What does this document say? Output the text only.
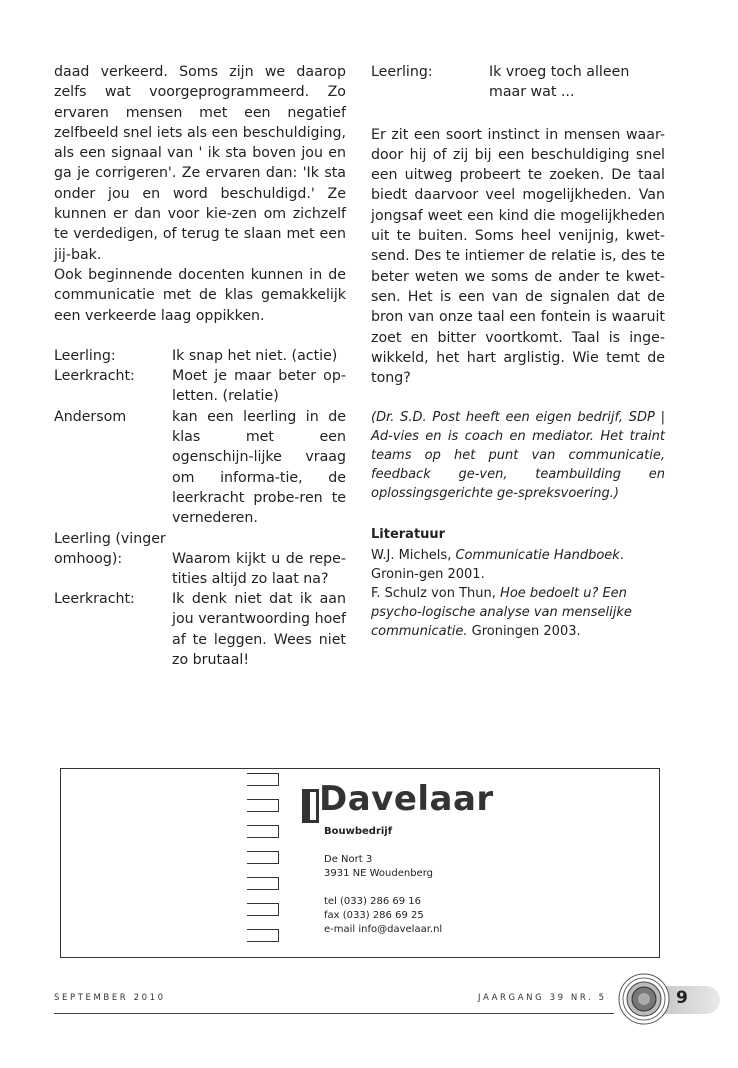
daad verkeerd. Soms zijn we daarop zelfs wat voorgeprogrammeerd. Zo ervaren mensen met een negatief zelfbeeld snel iets als een beschuldiging, als een signaal van ' ik sta boven jou en ga je corrigeren'. Ze ervaren dan: 'Ik sta onder jou en word beschuldigd.' Ze kunnen er dan voor kie-zen om zichzelf te verdedigen, of terug te slaan met een jij-bak.
Ook beginnende docenten kunnen in de communicatie met de klas gemakkelijk een verkeerde laag oppikken.
Leerling:	Ik snap het niet. (actie)
Leerkracht:	Moet je maar beter op-letten. (relatie)
Andersom	kan een leerling in de klas met een ogenschijn-lijke vraag om informa-tie, de leerkracht probe-ren te vernederen.
Leerling (vinger omhoog):	Waarom kijkt u de repe-tities altijd zo laat na?
Leerkracht:	Ik denk niet dat ik aan jou verantwoording hoef af te leggen. Wees niet zo brutaal!
Leerling:	Ik vroeg toch alleen maar wat ...
Er zit een soort instinct in mensen waar-door hij of zij bij een beschuldiging snel een uitweg probeert te zoeken. De taal biedt daarvoor veel mogelijkheden. Van jongsaf weet een kind die mogelijkheden uit te buiten. Soms heel venijnig, kwet-send. Des te intiemer de relatie is, des te beter weten we soms de ander te kwet-sen. Het is een van de signalen dat de bron van onze taal een fontein is waaruit zoet en bitter voortkomt. Taal is inge-wikkeld, het hart arglistig. Wie temt de tong?
(Dr. S.D. Post heeft een eigen bedrijf, SDP | Ad-vies en is coach en mediator. Het traint teams op het punt van communicatie, feedback ge-ven, teambuilding en oplossingsgerichte ge-spreksvoering.)
Literatuur

W.J. Michels, Communicatie Handboek. Gronin-gen 2001.

F. Schulz von Thun, Hoe bedoelt u? Een psycho-logische analyse van menselijke communicatie. Groningen 2003.

Davelaar
Bouwbedrijf
De Nort 3
3931 NE Woudenberg
tel (033) 286 69 16
fax (033) 286 69 25
e-mail info@davelaar.nl
SEPTEMBER 2010	JAARGANG 39 NR. 5	9
